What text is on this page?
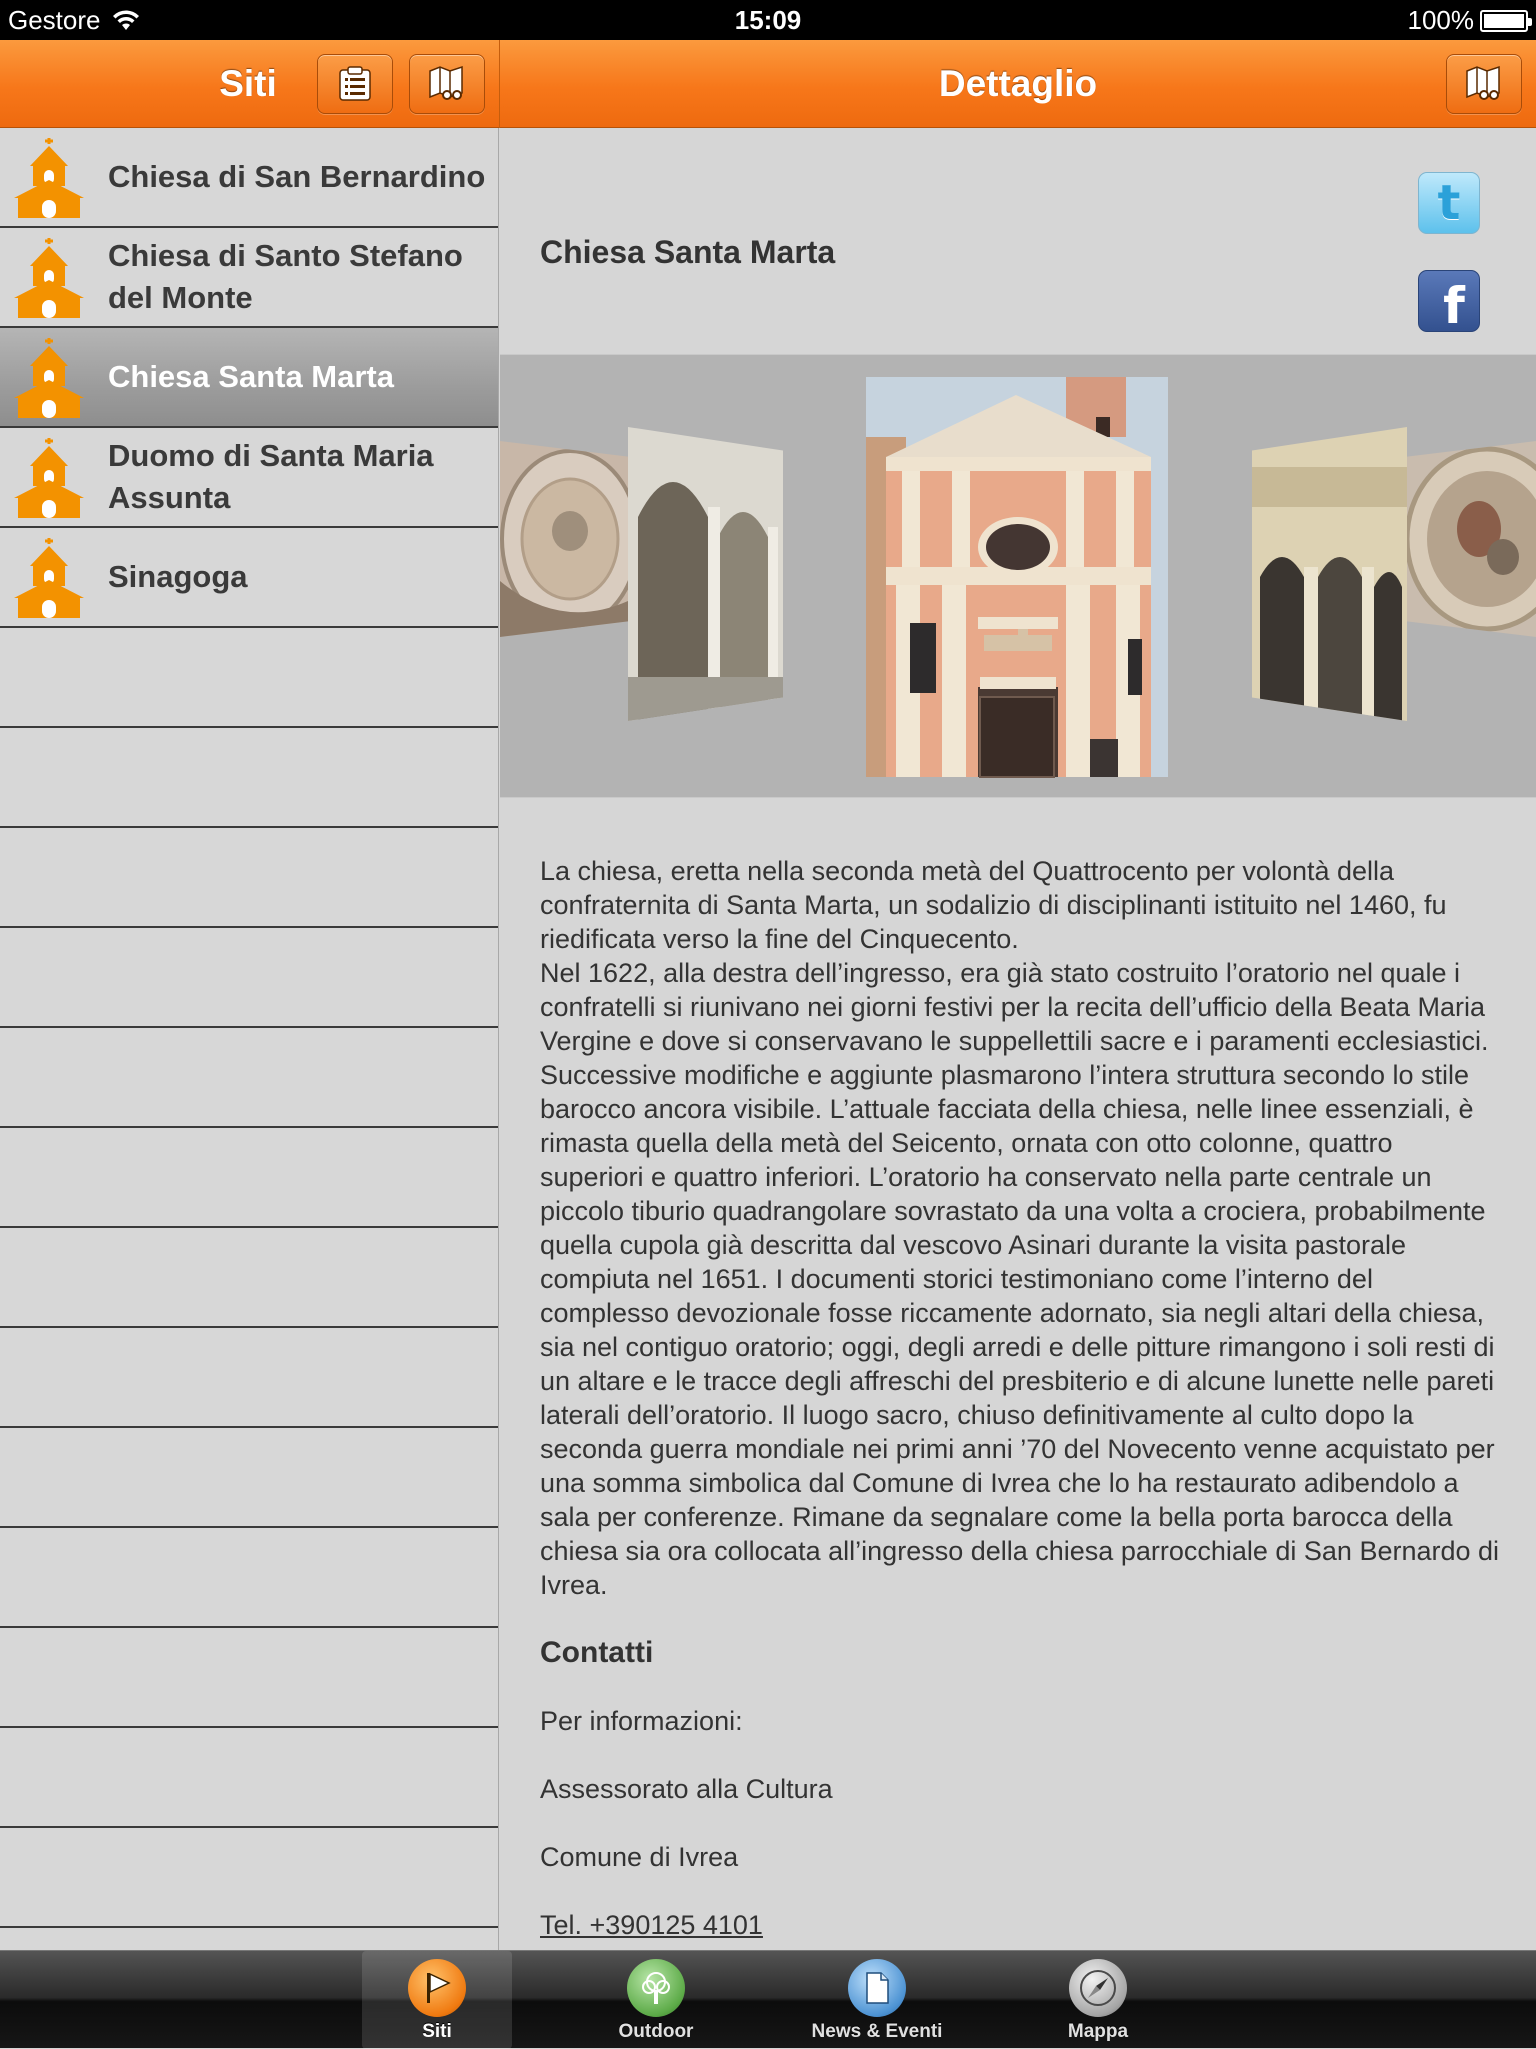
Gestore	15:09	100%
Siti	Dettaglio
Chiesa di San Bernardino
Chiesa di Santo Stefano del Monte
Chiesa Santa Marta
Duomo di Santa Maria Assunta
Sinagoga
Chiesa Santa Marta
t
f

La chiesa, eretta nella seconda metà del Quattrocento per volontà della confraternita di Santa Marta, un sodalizio di disciplinanti istituito nel 1460, fu riedificata verso la fine del Cinquecento.
Nel 1622, alla destra dell’ingresso, era già stato costruito l’oratorio nel quale i confratelli si riunivano nei giorni festivi per la recita dell’ufficio della Beata Maria Vergine e dove si conservavano le suppellettili sacre e i paramenti ecclesiastici. Successive modifiche e aggiunte plasmarono l’intera struttura secondo lo stile barocco ancora visibile. L’attuale facciata della chiesa, nelle linee essenziali, è rimasta quella della metà del Seicento, ornata con otto colonne, quattro superiori e quattro inferiori. L’oratorio ha conservato nella parte centrale un piccolo tiburio quadrangolare sovrastato da una volta a crociera, probabilmente quella cupola già descritta dal vescovo Asinari durante la visita pastorale compiuta nel 1651. I documenti storici testimoniano come l’interno del complesso devozionale fosse riccamente adornato, sia negli altari della chiesa, sia nel contiguo oratorio; oggi, degli arredi e delle pitture rimangono i soli resti di un altare e le tracce degli affreschi del presbiterio e di alcune lunette nelle pareti laterali dell’oratorio. Il luogo sacro, chiuso definitivamente al culto dopo la seconda guerra mondiale nei primi anni ’70 del Novecento venne acquistato per una somma simbolica dal Comune di Ivrea che lo ha restaurato adibendolo a sala per conferenze. Rimane da segnalare come la bella porta barocca della chiesa sia ora collocata all’ingresso della chiesa parrocchiale di San Bernardo di Ivrea.

Contatti

Per informazioni:

Assessorato alla Cultura

Comune di Ivrea

Tel. +390125 4101

Siti	Outdoor	News & Eventi	Mappa
